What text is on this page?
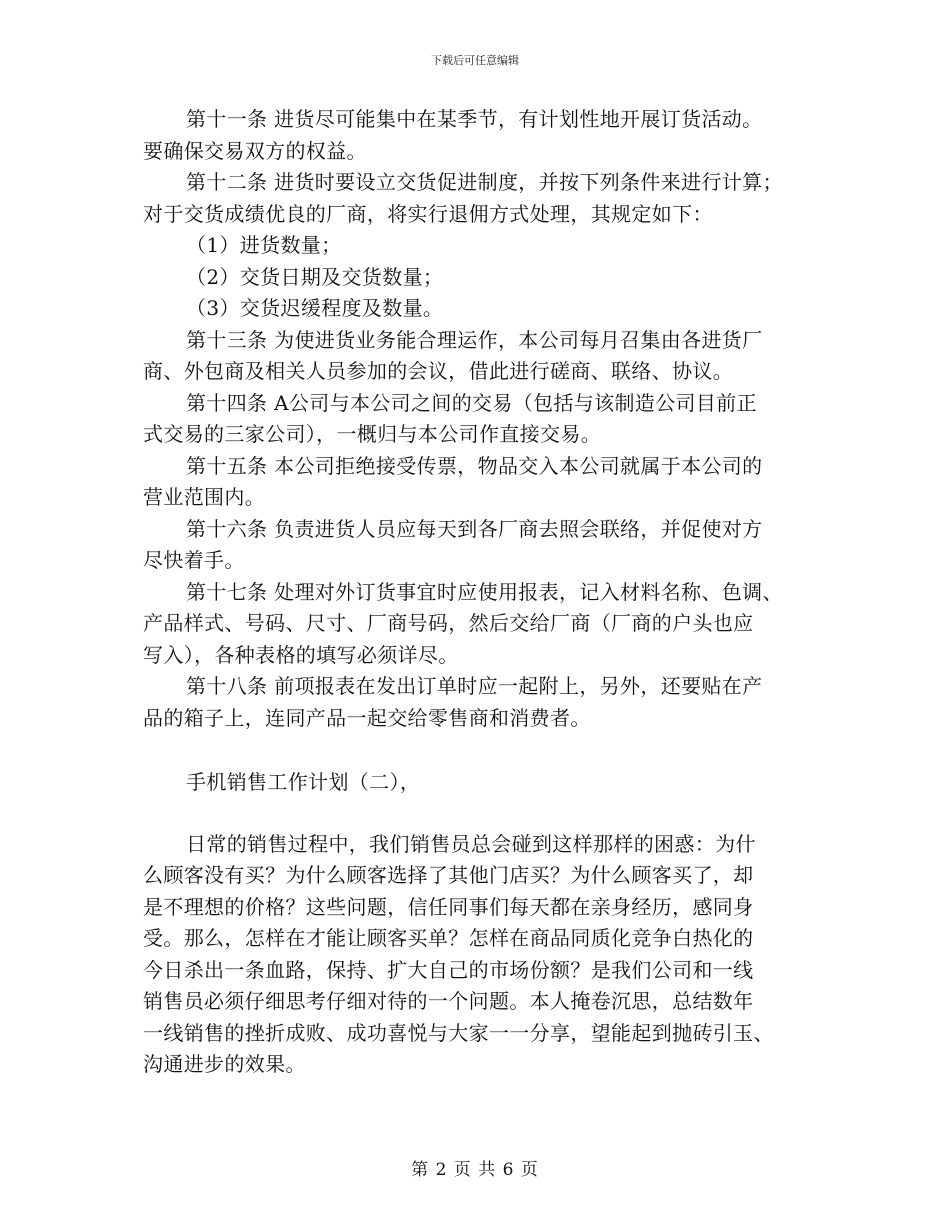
下载后可任意编辑
第十一条 进货尽可能集中在某季节，有计划性地开展订货活动。
要确保交易双方的权益。
第十二条 进货时要设立交货促进制度，并按下列条件来进行计算；
对于交货成绩优良的厂商，将实行退佣方式处理，其规定如下：
（1）进货数量；
（2）交货日期及交货数量；
（3）交货迟缓程度及数量。
第十三条 为使进货业务能合理运作，本公司每月召集由各进货厂
商、外包商及相关人员参加的会议，借此进行磋商、联络、协议。
第十四条 A公司与本公司之间的交易（包括与该制造公司目前正
式交易的三家公司），一概归与本公司作直接交易。
第十五条 本公司拒绝接受传票，物品交入本公司就属于本公司的
营业范围内。
第十六条 负责进货人员应每天到各厂商去照会联络，并促使对方
尽快着手。
第十七条 处理对外订货事宜时应使用报表，记入材料名称、色调、
产品样式、号码、尺寸、厂商号码，然后交给厂商（厂商的户头也应
写入），各种表格的填写必须详尽。
第十八条 前项报表在发出订单时应一起附上，另外，还要贴在产
品的箱子上，连同产品一起交给零售商和消费者。
手机销售工作计划（二），
日常的销售过程中，我们销售员总会碰到这样那样的困惑：为什
么顾客没有买？为什么顾客选择了其他门店买？为什么顾客买了，却
是不理想的价格？这些问题，信任同事们每天都在亲身经历，感同身
受。那么，怎样在才能让顾客买单？怎样在商品同质化竞争白热化的
今日杀出一条血路，保持、扩大自己的市场份额？是我们公司和一线
销售员必须仔细思考仔细对待的一个问题。本人掩卷沉思，总结数年
一线销售的挫折成败、成功喜悦与大家一一分享，望能起到抛砖引玉、
沟通进步的效果。
第 2 页 共 6 页
